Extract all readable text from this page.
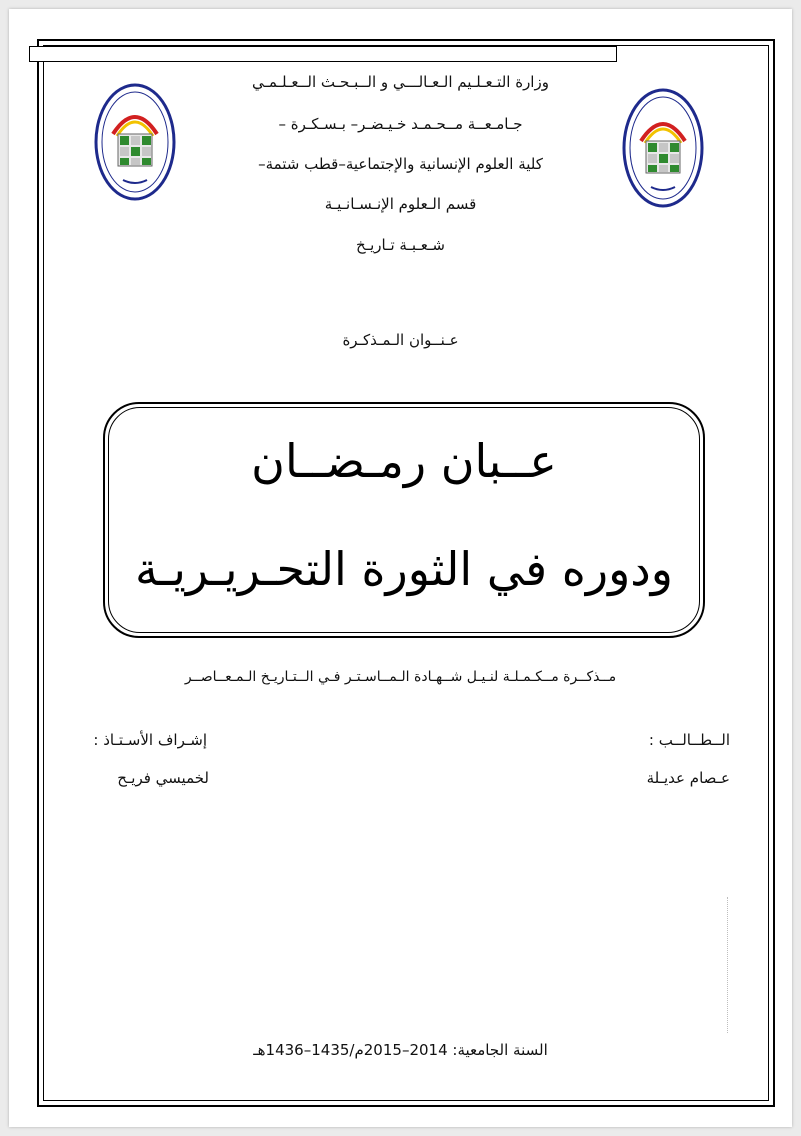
وزارة التـعـلـيم الـعـالـــي و الــبـحـث الــعـلـمـي
جـامـعــة مــحـمـد خـيـضـر– بـسـكـرة –
كلية العلوم الإنسانية والإجتماعية–قطب شتمة–
قسم الـعلوم الإنـسـانـيـة
شـعـبـة تـاريـخ
عـنــوان الـمـذكـرة
عــبان رمـضــان
ودوره في الثورة التحـريـريـة
مــذكــرة مــكـمـلـة لنـيـل شــهـادة الـمــاسـتـر فـي الــتـاريـخ الـمـعــاصــر
الــطــالــب :
عـصام عديـلة
إشـراف الأسـتـاذ :
لخميسي فريـح
السنة الجامعية: 2014–2015م/1435–1436هـ
